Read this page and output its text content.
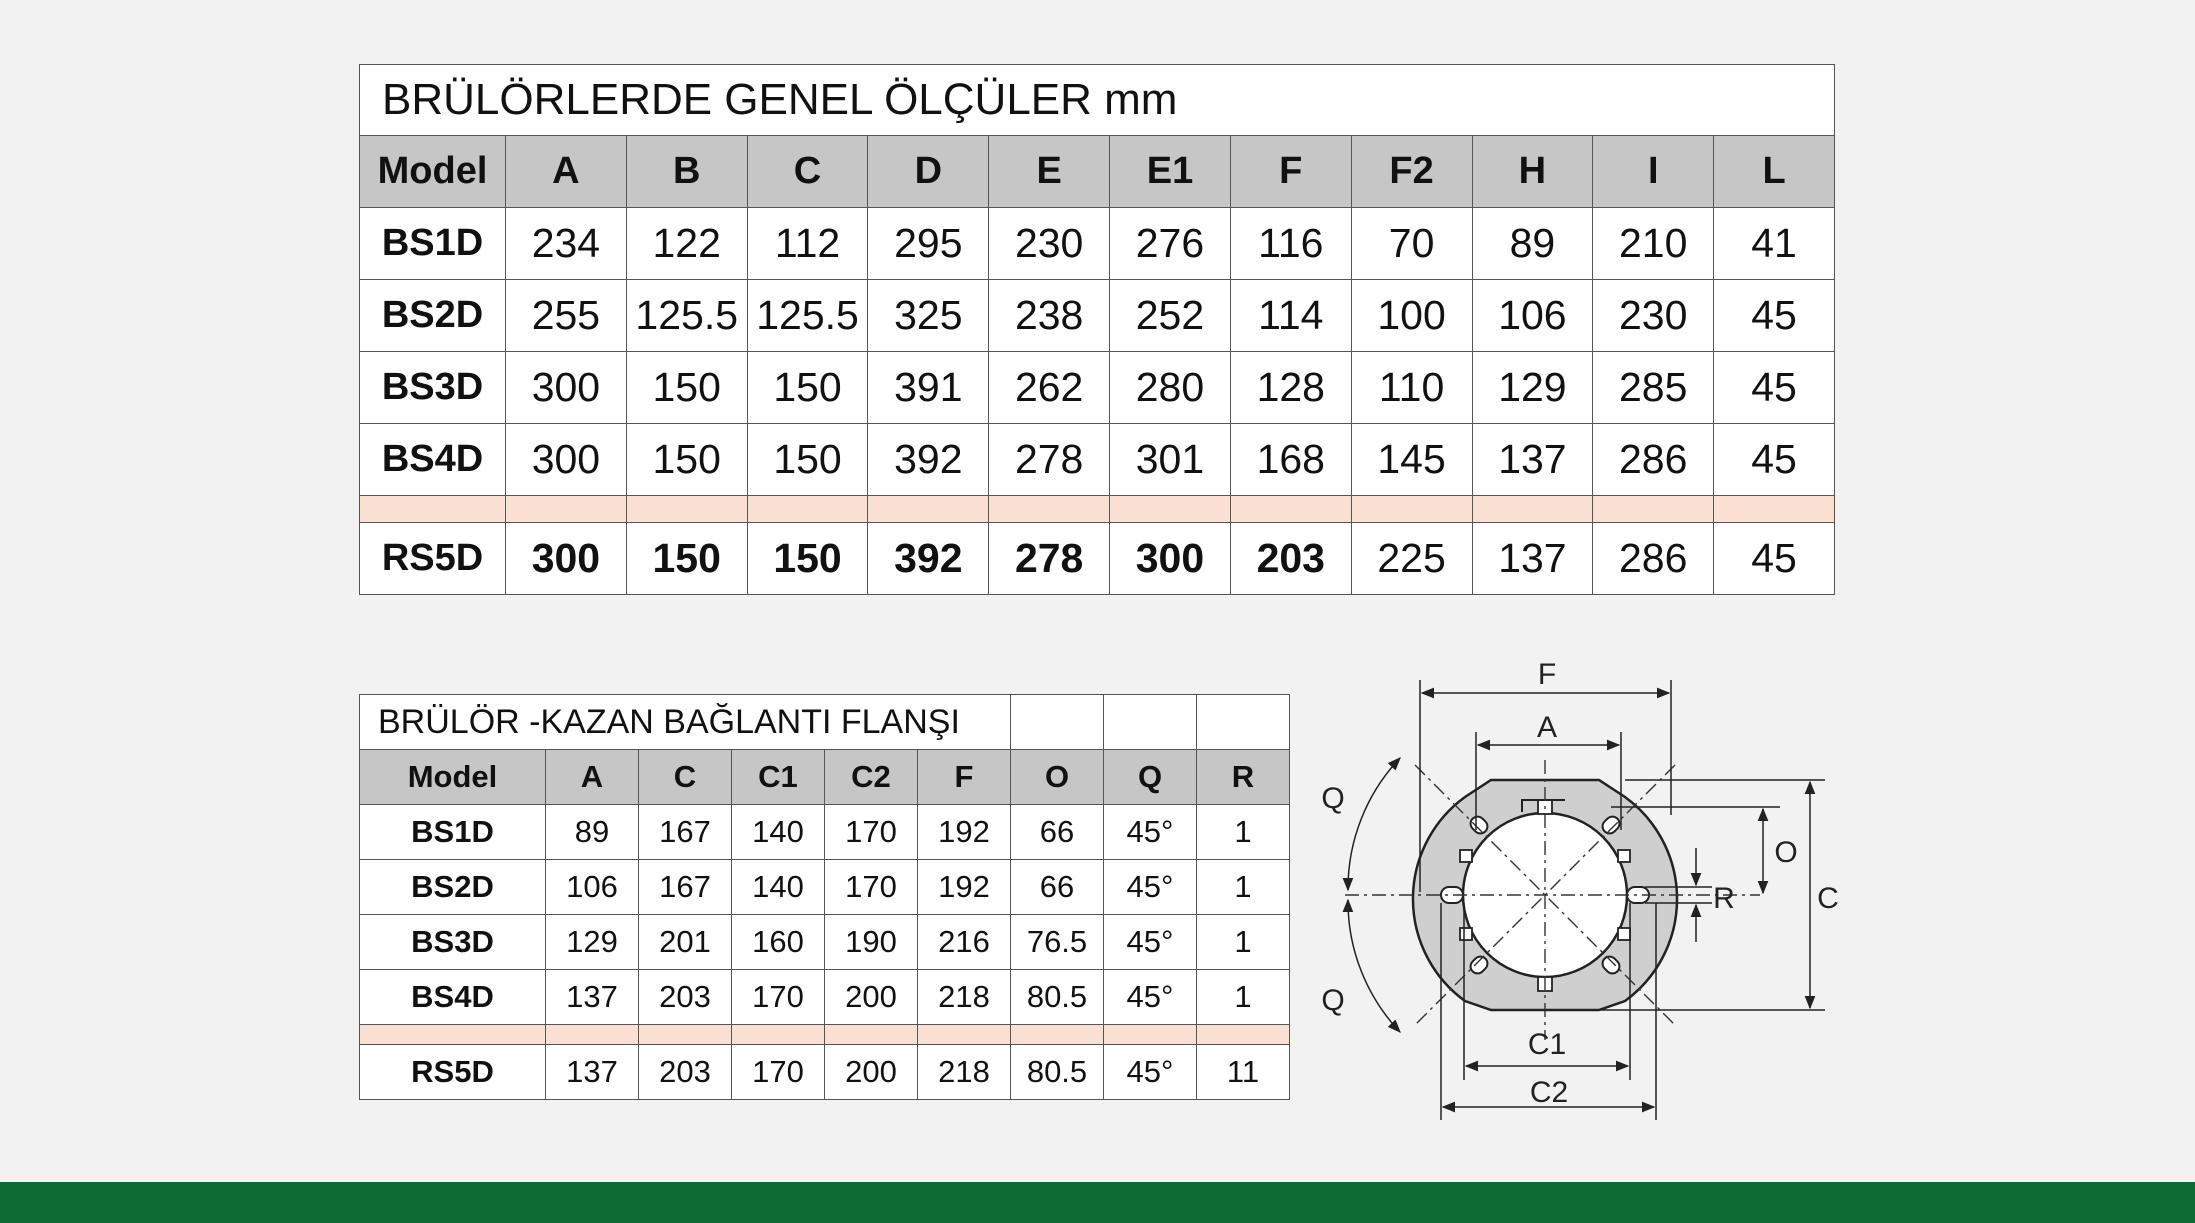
BRÜLÖRLERDE GENEL ÖLÇÜLER mm											
Model	A	B	C	D	E	E1	F	F2	H	I	L
BS1D	234	122	112	295	230	276	116	70	89	210	41
BS2D	255	125.5	125.5	325	238	252	114	100	106	230	45
BS3D	300	150	150	391	262	280	128	110	129	285	45
BS4D	300	150	150	392	278	301	168	145	137	286	45

RS5D	300	150	150	392	278	300	203	225	137	286	45
BRÜLÖR -KAZAN BAĞLANTI FLANŞI								
Model	A	C	C1	C2	F	O	Q	R
BS1D	89	167	140	170	192	66	45°	1
BS2D	106	167	140	170	192	66	45°	1
BS3D	129	201	160	190	216	76.5	45°	1
BS4D	137	203	170	200	218	80.5	45°	1

RS5D	137	203	170	200	218	80.5	45°	11
F
A
Q
Q
O
R	C
C1
C2
